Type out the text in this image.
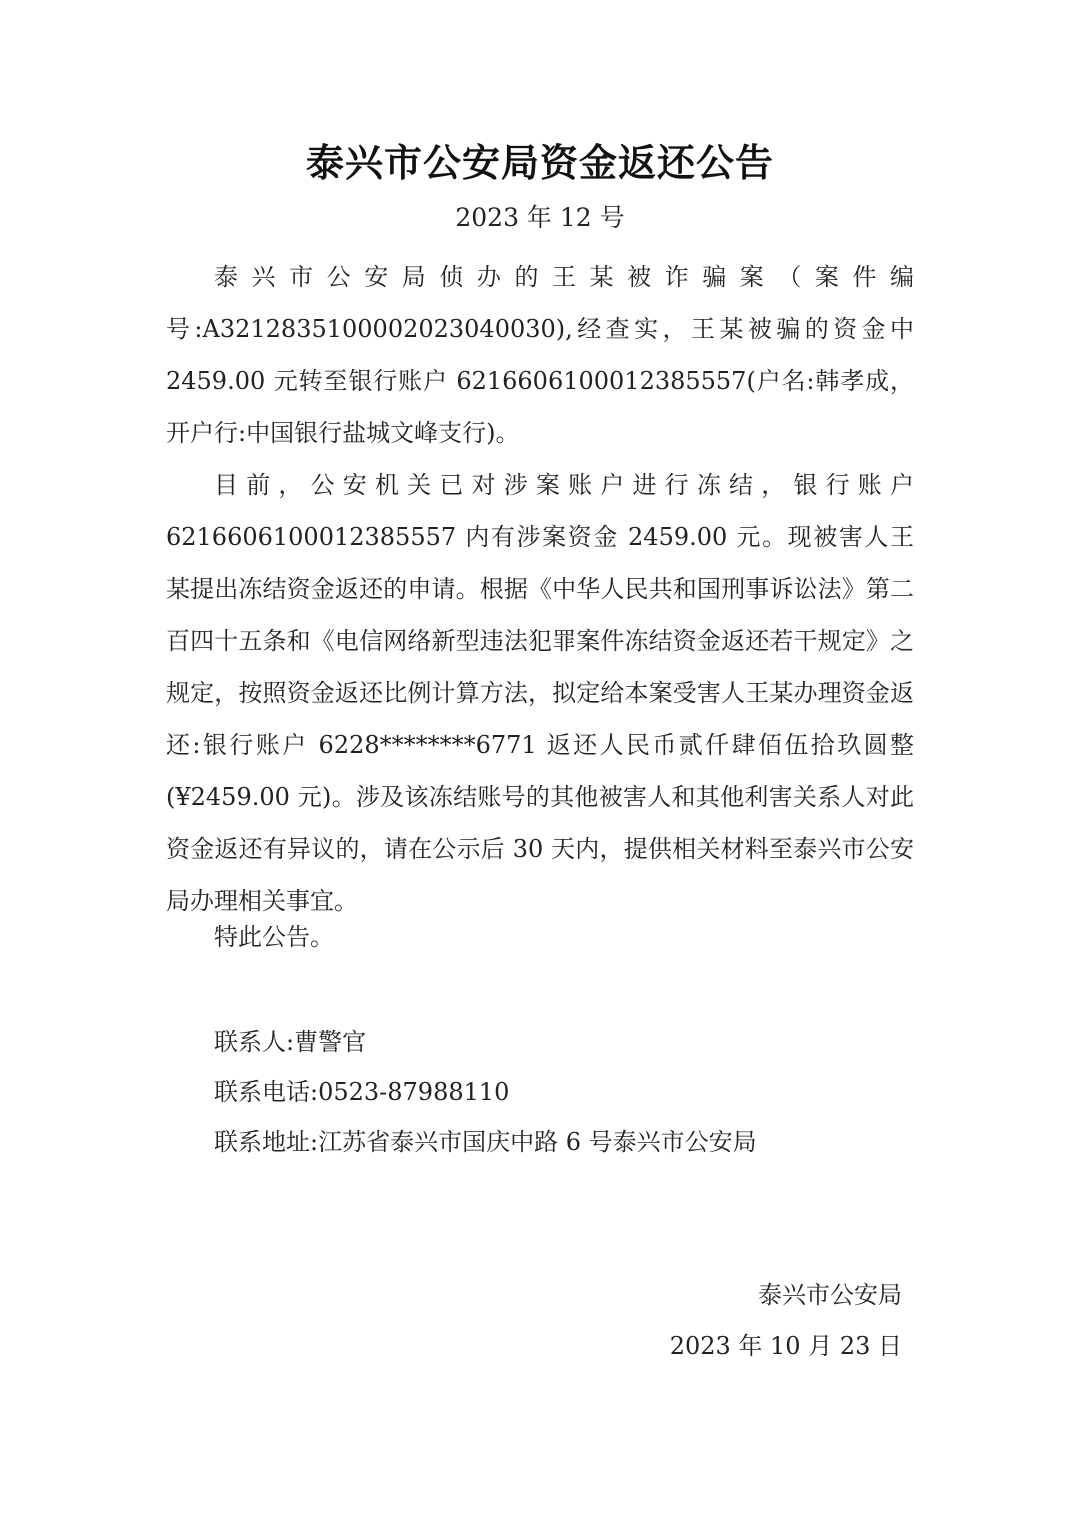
泰兴市公安局资金返还公告
2023 年 12 号

泰兴市公安局侦办的王某被诈骗案（案件编号:A32128351000020230400​30),经查实，王某被骗的资金中 2459.00 元转至银行账户 6216606100012385557(户名:韩孝成，开户行:中国银行盐城文峰支行)。

目前，公安机关已对涉案账户进行冻结，银行账户 6216606100012385557 内有涉案资金 2459.00 元。现被害人王某提出冻结资金返还的申请。根据《中华人民共和国刑事诉讼法》第二百四十五条和《电信网络新型违法犯罪案件冻结资金返还若干规定》之规定，按照资金返还比例计算方法，拟定给本案受害人王某办理资金返还:银行账户 6228********6771 返还人民币贰仟肆佰伍拾玖圆整(¥2459.00 元)。涉及该冻结账号的其他被害人和其他利害关系人对此资金返还有异议的，请在公示后 30 天内，提供相关材料至泰兴市公安局办理相关事宜。

特此公告。

联系人:曹警官
联系电话:0523-87988110
联系地址:江苏省泰兴市国庆中路 6 号泰兴市公安局
泰兴市公安局
2023 年 10 月 23 日
